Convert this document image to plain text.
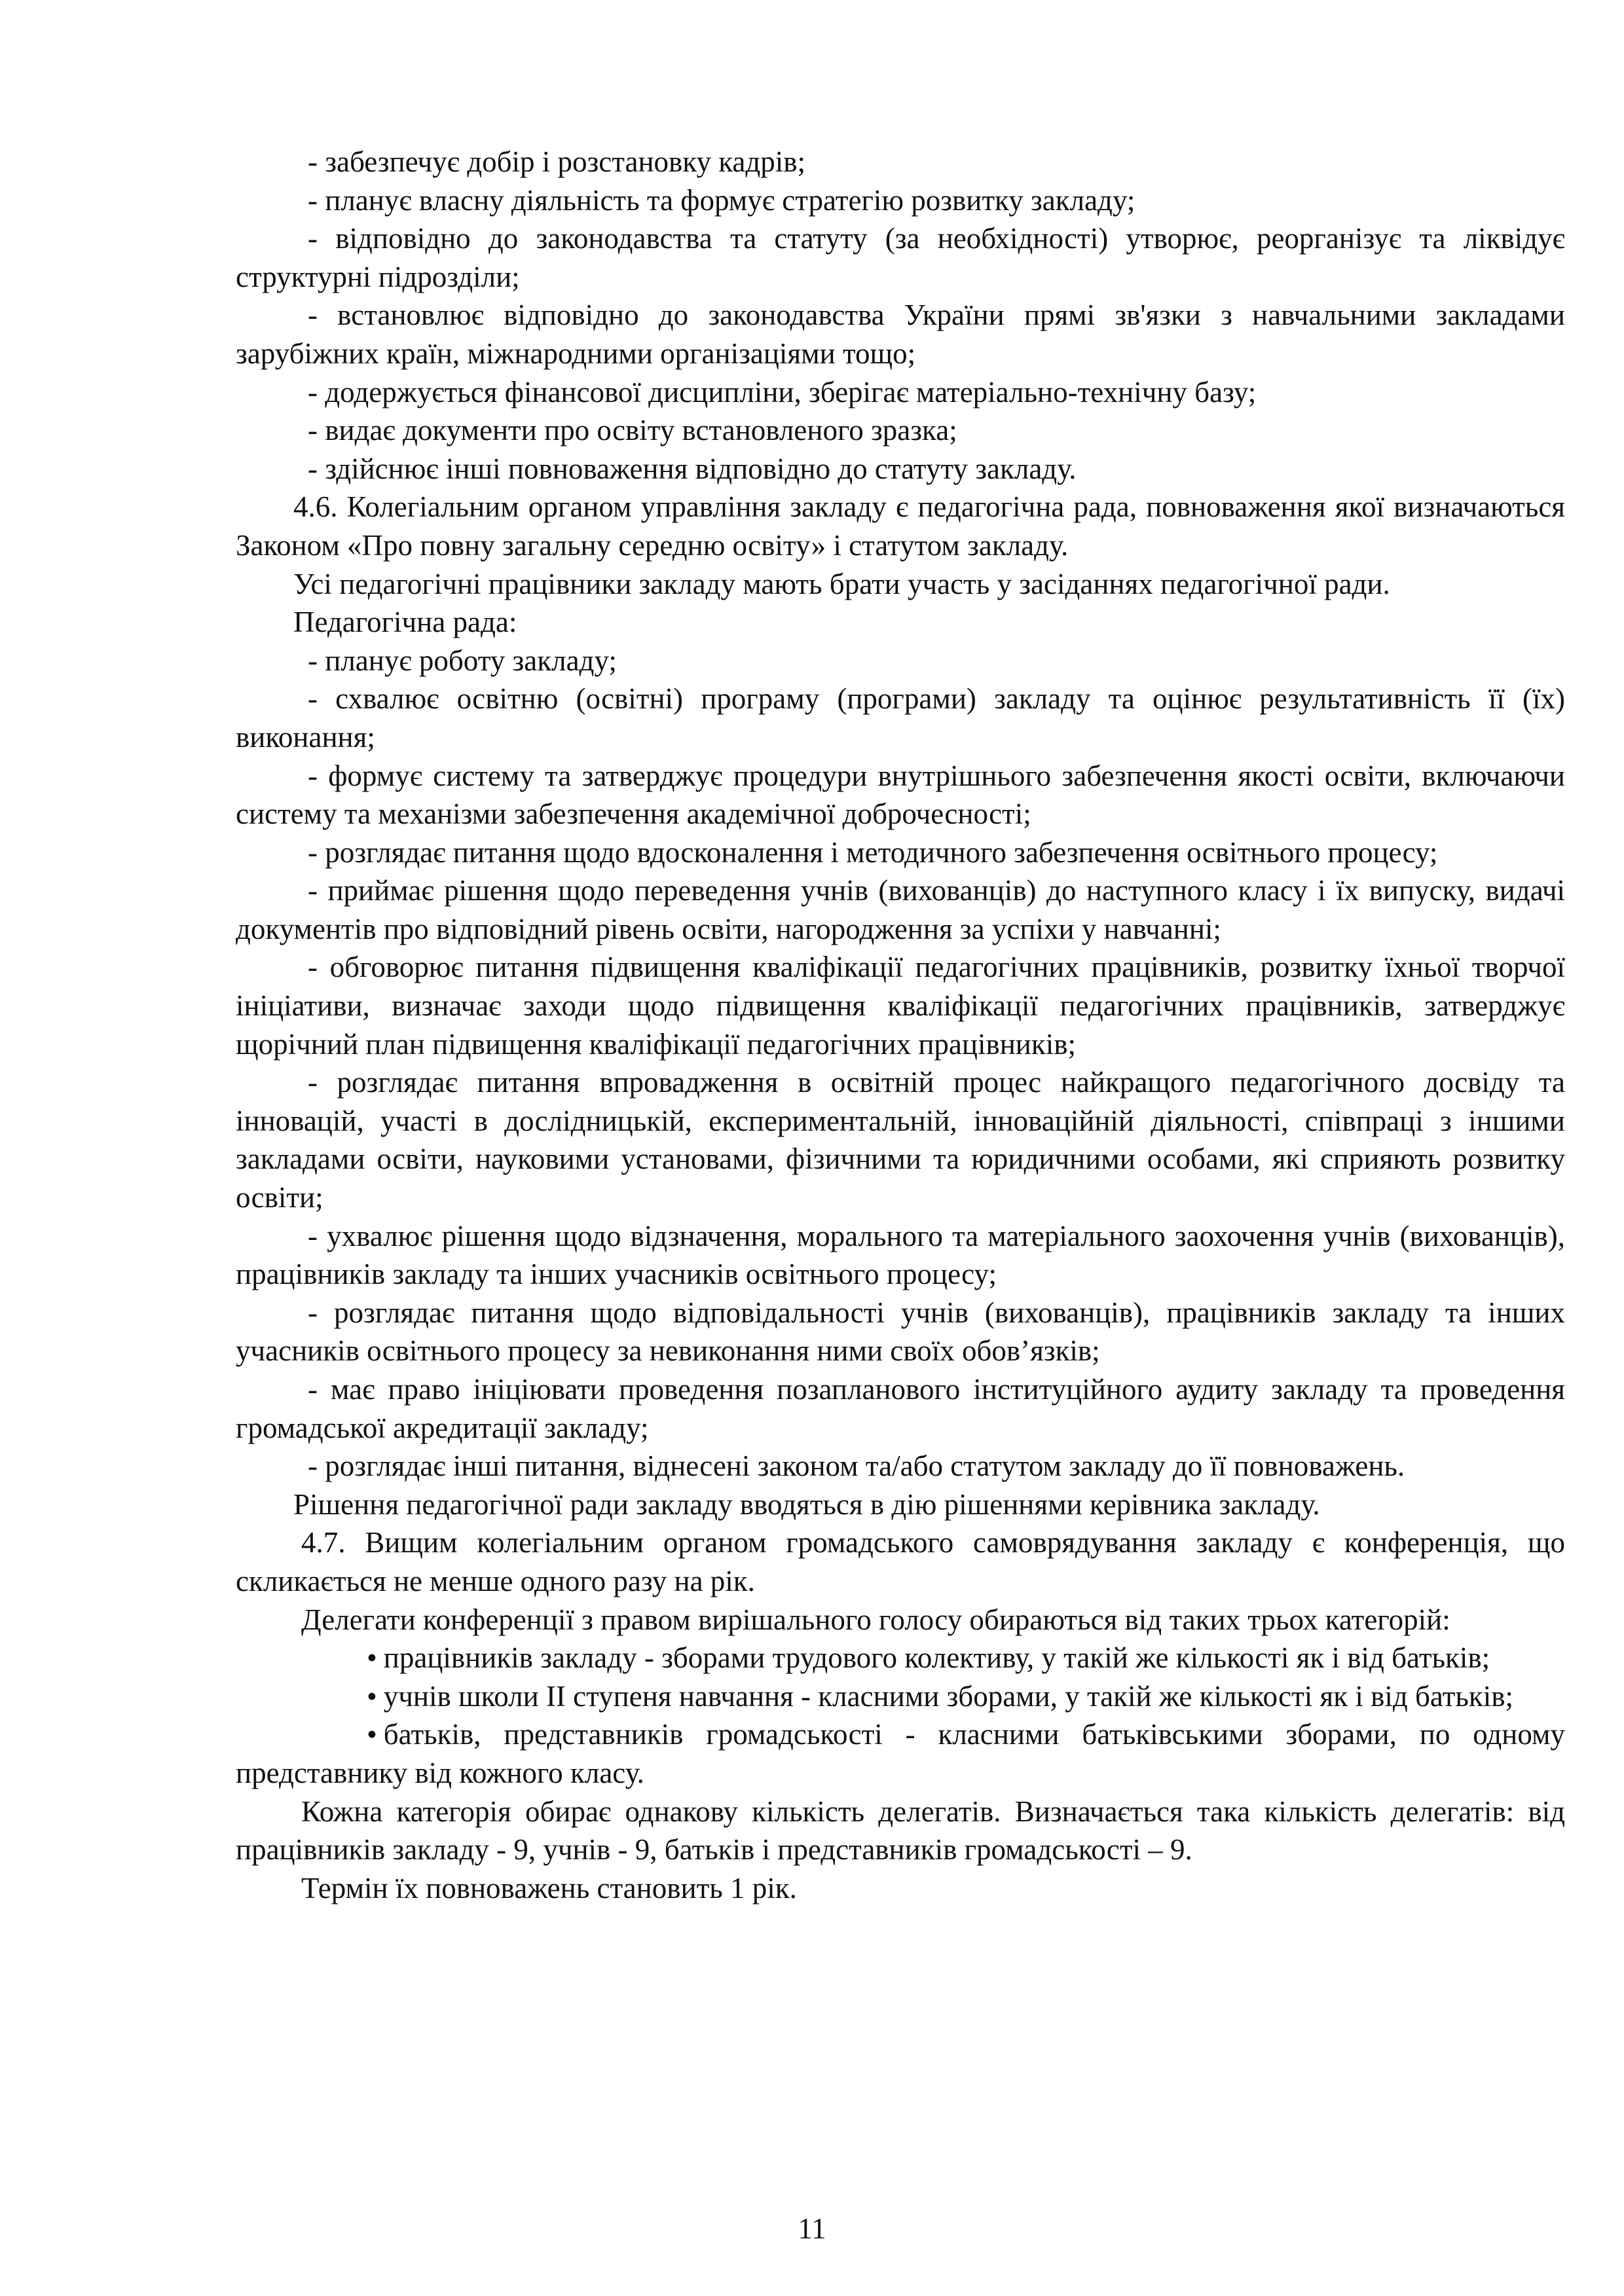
- забезпечує добір і розстановку кадрів;

- планує власну діяльність та формує стратегію розвитку закладу;

- відповідно до законодавства та статуту (за необхідності) утворює, реорганізує та ліквідує структурні підрозділи;

- встановлює відповідно до законодавства України прямі зв'язки з навчальними закладами зарубіжних країн, міжнародними організаціями тощо;

- додержується фінансової дисципліни, зберігає матеріально-технічну базу;

- видає документи про освіту встановленого зразка;

- здійснює інші повноваження відповідно до статуту закладу.

4.6. Колегіальним органом управління закладу є педагогічна рада, повноваження якої визначаються Законом «Про повну загальну середню освіту» і статутом закладу.

Усі педагогічні працівники закладу мають брати участь у засіданнях педагогічної ради.

Педагогічна рада:

- планує роботу закладу;

- схвалює освітню (освітні) програму (програми) закладу та оцінює результативність її (їх) виконання;

- формує систему та затверджує процедури внутрішнього забезпечення якості освіти, включаючи систему та механізми забезпечення академічної доброчесності;

- розглядає питання щодо вдосконалення і методичного забезпечення освітнього процесу;

- приймає рішення щодо переведення учнів (вихованців) до наступного класу і їх випуску, видачі документів про відповідний рівень освіти, нагородження за успіхи у навчанні;

- обговорює питання підвищення кваліфікації педагогічних працівників, розвитку їхньої творчої ініціативи, визначає заходи щодо підвищення кваліфікації педагогічних працівників, затверджує щорічний план підвищення кваліфікації педагогічних працівників;

- розглядає питання впровадження в освітній процес найкращого педагогічного досвіду та інновацій, участі в дослідницькій, експериментальній, інноваційній діяльності, співпраці з іншими закладами освіти, науковими установами, фізичними та юридичними особами, які сприяють розвитку освіти;

- ухвалює рішення щодо відзначення, морального та матеріального заохочення учнів (вихованців), працівників закладу та інших учасників освітнього процесу;

- розглядає питання щодо відповідальності учнів (вихованців), працівників закладу та інших учасників освітнього процесу за невиконання ними своїх обов’язків;

- має право ініціювати проведення позапланового інституційного аудиту закладу та проведення громадської акредитації закладу;

- розглядає інші питання, віднесені законом та/або статутом закладу до її повноважень.

Рішення педагогічної ради закладу вводяться в дію рішеннями керівника закладу.

4.7. Вищим колегіальним органом громадського самоврядування закладу є конференція, що скликається не менше одного разу на рік.

Делегати конференції з правом вирішального голосу обираються від таких трьох категорій:

• працівників закладу - зборами трудового колективу, у такій же кількості як і від батьків;

• учнів школи ІІ ступеня навчання - класними зборами, у такій же кількості як і від батьків;

• батьків, представників громадськості - класними батьківськими зборами, по одному представнику від кожного класу.

Кожна категорія обирає однакову кількість делегатів. Визначається така кількість делегатів: від працівників закладу - 9, учнів - 9, батьків і представників громадськості – 9.

Термін їх повноважень становить 1 рік.

11
